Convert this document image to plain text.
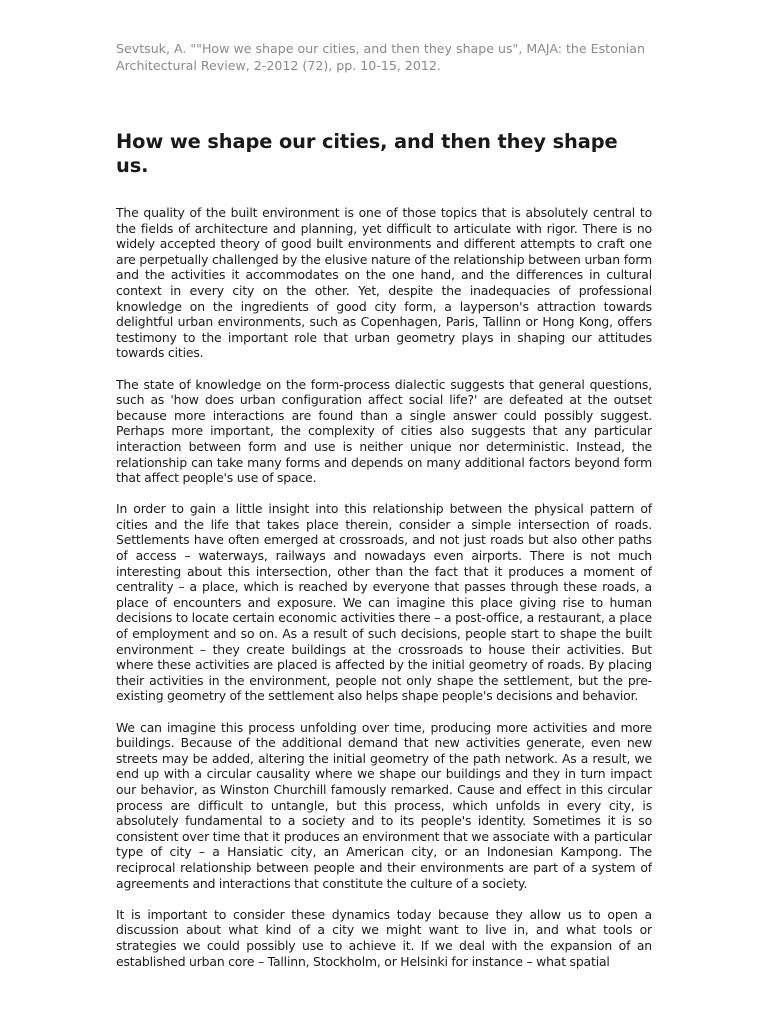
Sevtsuk, A. ""How we shape our cities, and then they shape us", MAJA: the Estonian Architectural Review, 2-2012 (72), pp. 10-15, 2012.

How we shape our cities, and then they shape us.

The quality of the built environment is one of those topics that is absolutely central to the fields of architecture and planning, yet difficult to articulate with rigor. There is no widely accepted theory of good built environments and different attempts to craft one are perpetually challenged by the elusive nature of the relationship between urban form and the activities it accommodates on the one hand, and the differences in cultural context in every city on the other. Yet, despite the inadequacies of professional knowledge on the ingredients of good city form, a layperson's attraction towards delightful urban environments, such as Copenhagen, Paris, Tallinn or Hong Kong, offers testimony to the important role that urban geometry plays in shaping our attitudes towards cities.

The state of knowledge on the form-process dialectic suggests that general questions, such as 'how does urban configuration affect social life?' are defeated at the outset because more interactions are found than a single answer could possibly suggest. Perhaps more important, the complexity of cities also suggests that any particular interaction between form and use is neither unique nor deterministic. Instead, the relationship can take many forms and depends on many additional factors beyond form that affect people's use of space.

In order to gain a little insight into this relationship between the physical pattern of cities and the life that takes place therein, consider a simple intersection of roads. Settlements have often emerged at crossroads, and not just roads but also other paths of access – waterways, railways and nowadays even airports. There is not much interesting about this intersection, other than the fact that it produces a moment of centrality – a place, which is reached by everyone that passes through these roads, a place of encounters and exposure. We can imagine this place giving rise to human decisions to locate certain economic activities there – a post-office, a restaurant, a place of employment and so on. As a result of such decisions, people start to shape the built environment – they create buildings at the crossroads to house their activities. But where these activities are placed is affected by the initial geometry of roads. By placing their activities in the environment, people not only shape the settlement, but the pre-existing geometry of the settlement also helps shape people's decisions and behavior.

We can imagine this process unfolding over time, producing more activities and more buildings. Because of the additional demand that new activities generate, even new streets may be added, altering the initial geometry of the path network. As a result, we end up with a circular causality where we shape our buildings and they in turn impact our behavior, as Winston Churchill famously remarked. Cause and effect in this circular process are difficult to untangle, but this process, which unfolds in every city, is absolutely fundamental to a society and to its people's identity. Sometimes it is so consistent over time that it produces an environment that we associate with a particular type of city – a Hansiatic city, an American city, or an Indonesian Kampong. The reciprocal relationship between people and their environments are part of a system of agreements and interactions that constitute the culture of a society.

It is important to consider these dynamics today because they allow us to open a discussion about what kind of a city we might want to live in, and what tools or strategies we could possibly use to achieve it. If we deal with the expansion of an established urban core – Tallinn, Stockholm, or Helsinki for instance – what spatial
